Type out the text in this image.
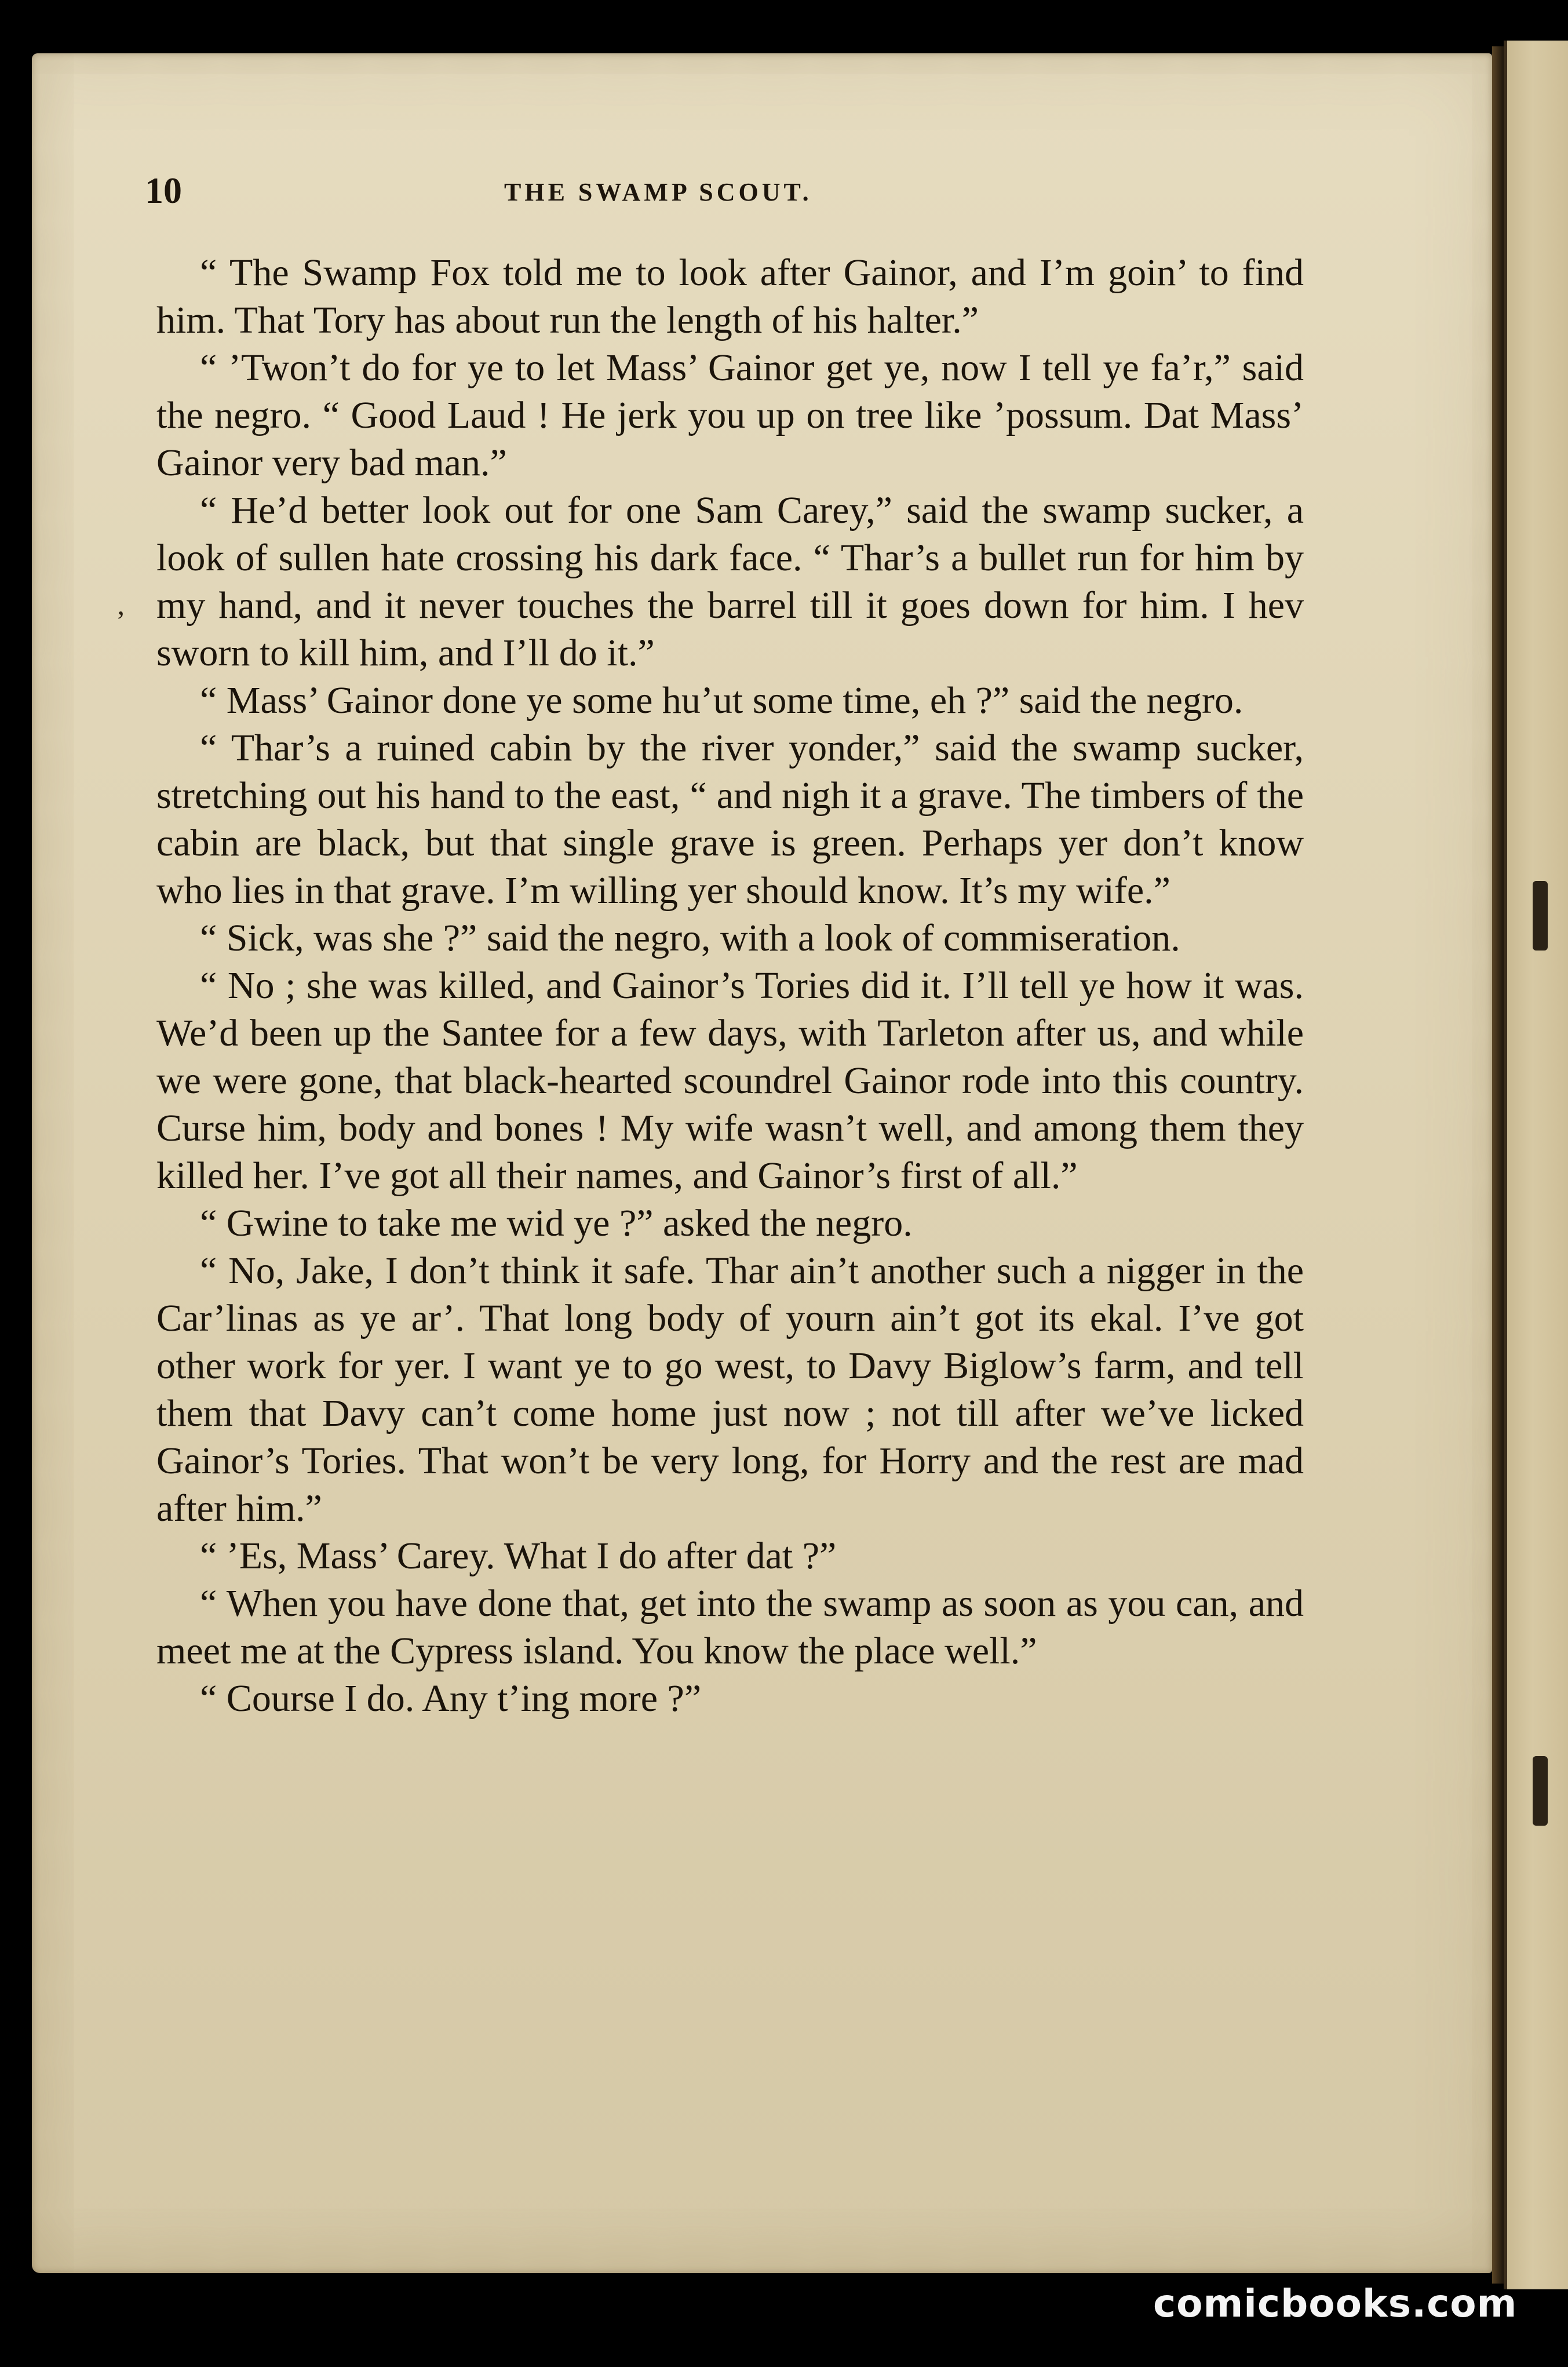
10	THE SWAMP SCOUT.
ʼ

“ The Swamp Fox told me to look after Gainor, and I’m goin’ to find him. That Tory has about run the length of his halter.”

“ ’Twon’t do for ye to let Mass’ Gainor get ye, now I tell ye fa’r,” said the negro. “ Good Laud ! He jerk you up on tree like ’possum. Dat Mass’ Gainor very bad man.”

“ He’d better look out for one Sam Carey,” said the swamp sucker, a look of sullen hate crossing his dark face. “ Thar’s a bullet run for him by my hand, and it never touches the barrel till it goes down for him. I hev sworn to kill him, and I’ll do it.”

“ Mass’ Gainor done ye some hu’ut some time, eh ?” said the negro.

“ Thar’s a ruined cabin by the river yonder,” said the swamp sucker, stretching out his hand to the east, “ and nigh it a grave. The timbers of the cabin are black, but that single grave is green. Perhaps yer don’t know who lies in that grave. I’m willing yer should know. It’s my wife.”

“ Sick, was she ?” said the negro, with a look of commiseration.

“ No ; she was killed, and Gainor’s Tories did it. I’ll tell ye how it was. We’d been up the Santee for a few days, with Tarleton after us, and while we were gone, that black-hearted scoundrel Gainor rode into this country. Curse him, body and bones ! My wife wasn’t well, and among them they killed her. I’ve got all their names, and Gainor’s first of all.”

“ Gwine to take me wid ye ?” asked the negro.

“ No, Jake, I don’t think it safe. Thar ain’t another such a nigger in the Car’linas as ye ar’. That long body of yourn ain’t got its ekal. I’ve got other work for yer. I want ye to go west, to Davy Biglow’s farm, and tell them that Davy can’t come home just now ; not till after we’ve licked Gainor’s Tories. That won’t be very long, for Horry and the rest are mad after him.”

“ ’Es, Mass’ Carey. What I do after dat ?”

“ When you have done that, get into the swamp as soon as you can, and meet me at the Cypress island. You know the place well.”

“ Course I do. Any t’ing more ?”

comicbooks.com
